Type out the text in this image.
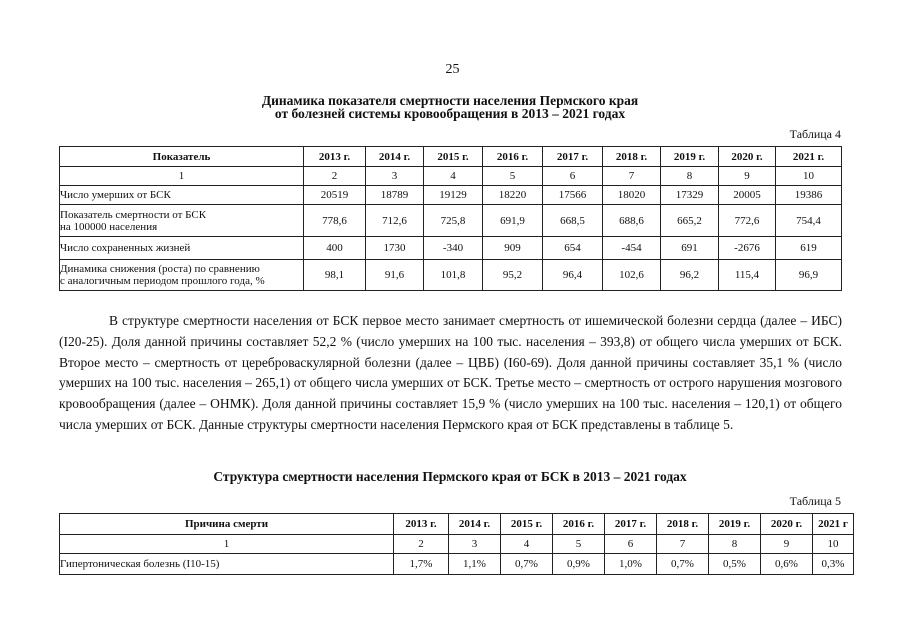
25
Динамика показателя смертности населения Пермского края
от болезней системы кровообращения в 2013 – 2021 годах
Таблица 4
Показатель	2013 г.	2014 г.	2015 г.	2016 г.	2017 г.	2018 г.	2019 г.	2020 г.	2021 г.
1	2	3	4	5	6	7	8	9	10
Число умерших от БСК	20519	18789	19129	18220	17566	18020	17329	20005	19386

Показатель смертности от БСК
на 100000 населения	778,6	712,6	725,8	691,9	668,5	688,6	665,2	772,6	754,4
Число сохраненных жизней	400	1730	-340	909	654	-454	691	-2676	619

Динамика снижения (роста) по сравнению
с аналогичным периодом прошлого года, %	98,1	91,6	101,8	95,2	96,4	102,6	96,2	115,4	96,9

В структуре смертности населения от БСК первое место занимает смертность от ишемической болезни сердца (далее – ИБС) (I20-25). Доля данной причины составляет 52,2 % (число умерших на 100 тыс. населения – 393,8) от общего числа умерших от БСК. Второе место – смертность от цереброваскулярной болезни (далее – ЦВБ) (I60-69). Доля данной причины составляет 35,1 % (число умерших на 100 тыс. населения – 265,1) от общего числа умерших от БСК. Третье место – смертность от острого нарушения мозгового кровообращения (далее – ОНМК). Доля данной причины составляет 15,9 % (число умерших на 100 тыс. населения – 120,1) от общего числа умерших от БСК. Данные структуры смертности населения Пермского края от БСК представлены в таблице 5.

Структура смертности населения Пермского края от БСК в 2013 – 2021 годах
Таблица 5
Причина смерти	2013 г.	2014 г.	2015 г.	2016 г.	2017 г.	2018 г.	2019 г.	2020 г.	2021 г
1	2	3	4	5	6	7	8	9	10
Гипертоническая болезнь (I10-15)	1,7%	1,1%	0,7%	0,9%	1,0%	0,7%	0,5%	0,6%	0,3%
